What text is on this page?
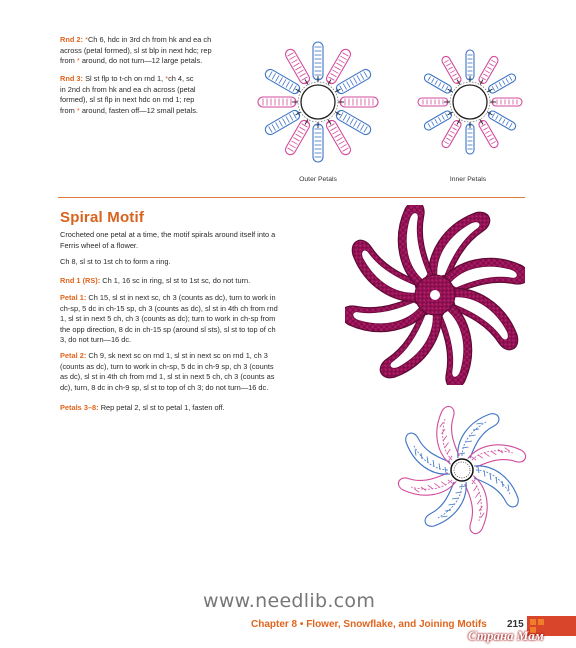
Rnd 2: *Ch 6, hdc in 3rd ch from hk and ea ch
across (petal formed), sl st blp in next hdc; rep
from * around, do not turn—12 large petals.
Rnd 3: Sl st flp to t-ch on rnd 1, *ch 4, sc
in 2nd ch from hk and ea ch across (petal
formed), sl st flp in next hdc on rnd 1; rep
from * around, fasten off—12 small petals.
Outer Petals	Inner Petals
Spiral Motif
Crocheted one petal at a time, the motif spirals around itself into a
Ferris wheel of a flower.
Ch 8, sl st to 1st ch to form a ring.
Rnd 1 (RS): Ch 1, 16 sc in ring, sl st to 1st sc, do not turn.
Petal 1: Ch 15, sl st in next sc, ch 3 (counts as dc), turn to work in
ch-sp, 5 dc in ch-15 sp, ch 3 (counts as dc), sl st in 4th ch from rnd
1, sl st in next 5 ch, ch 3 (counts as dc); turn to work in ch-sp from
the opp direction, 8 dc in ch-15 sp (around sl sts), sl st to top of ch
3, do not turn—16 dc.
Petal 2: Ch 9, sk next sc on rnd 1, sl st in next sc on rnd 1, ch 3
(counts as dc), turn to work in ch-sp, 5 dc in ch-9 sp, ch 3 (counts
as dc), sl st in 4th ch from rnd 1, sl st in next 5 ch, ch 3 (counts as
dc), turn, 8 dc in ch-9 sp, sl st to top of ch 3; do not turn—16 dc.
Petals 3–8: Rep petal 2, sl st to petal 1, fasten off.
www.needlib.com
Chapter 8 • Flower, Snowflake, and Joining Motifs 215
Страна Мам
